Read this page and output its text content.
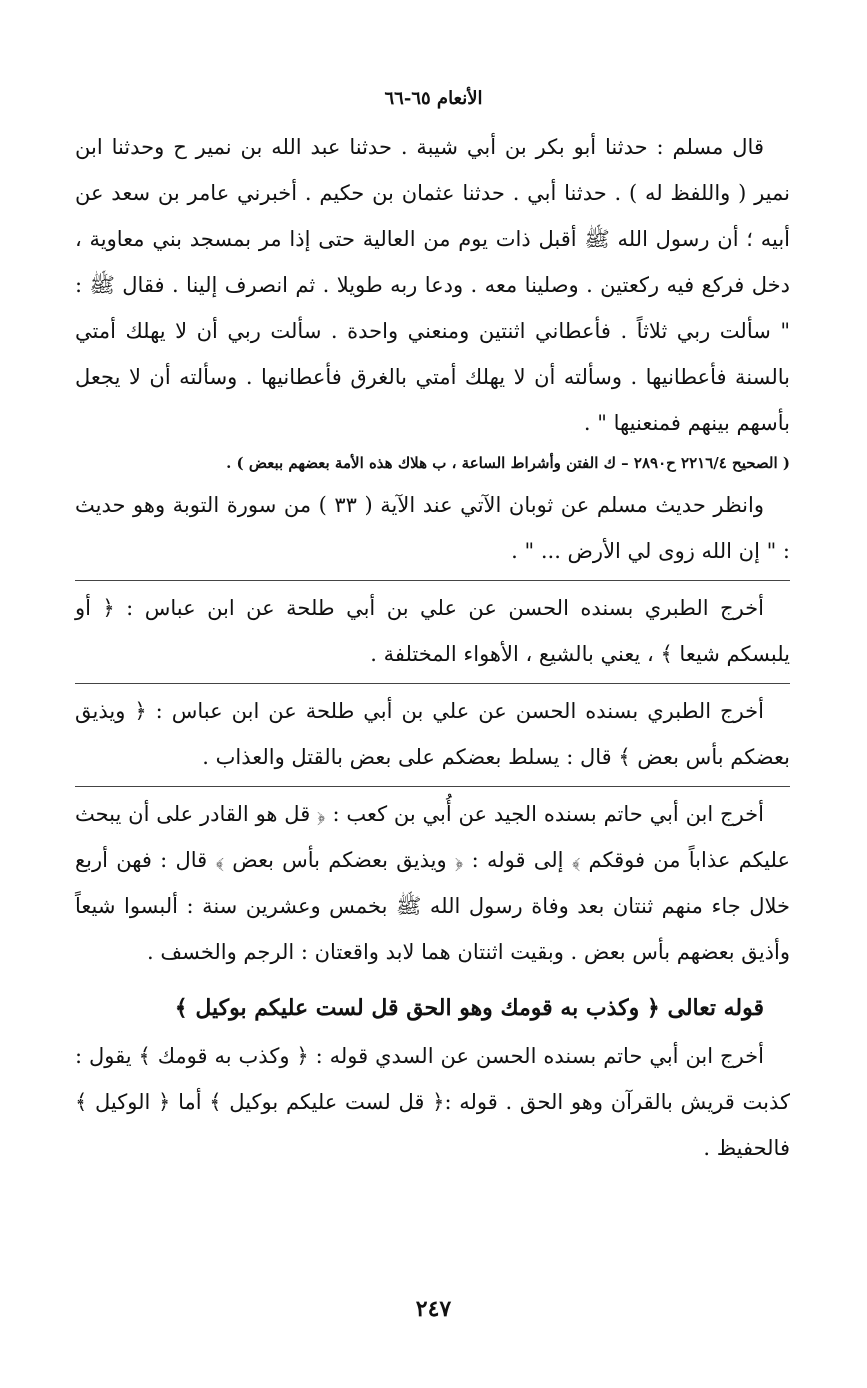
الأنعام ٦٥-٦٦

قال مسلم : حدثنا أبو بكر بن أبي شيبة . حدثنا عبد الله بن نمير ح وحدثنا ابن نمير ( واللفظ له ) . حدثنا أبي . حدثنا عثمان بن حكيم . أخبرني عامر بن سعد عن أبيه ؛ أن رسول الله ﷺ أقبل ذات يوم من العالية حتى إذا مر بمسجد بني معاوية ، دخل فركع فيه ركعتين . وصلينا معه . ودعا ربه طويلا . ثم انصرف إلينا . فقال ﷺ : " سألت ربي ثلاثاً . فأعطاني اثنتين ومنعني واحدة . سألت ربي أن لا يهلك أمتي بالسنة فأعطانيها . وسألته أن لا يهلك أمتي بالغرق فأعطانيها . وسألته أن لا يجعل بأسهم بينهم فمنعنيها " .

( الصحيح ٢٢١٦/٤ ح٢٨٩٠ – ك الفتن وأشراط الساعة ، ب هلاك هذه الأمة بعضهم ببعض ) .

وانظر حديث مسلم عن ثوبان الآتي عند الآية ( ٣٣ ) من سورة التوبة وهو حديث : " إن الله زوى لي الأرض ... " .

أخرج الطبري بسنده الحسن عن علي بن أبي طلحة عن ابن عباس : ﴿ أو يلبسكم شيعا ﴾ ، يعني بالشيع ، الأهواء المختلفة .

أخرج الطبري بسنده الحسن عن علي بن أبي طلحة عن ابن عباس : ﴿ ويذيق بعضكم بأس بعض ﴾ قال : يسلط بعضكم على بعض بالقتل والعذاب .

أخرج ابن أبي حاتم بسنده الجيد عن أُبي بن كعب : ﴿ قل هو القادر على أن يبحث عليكم عذاباً من فوقكم ﴾ إلى قوله : ﴿ ويذيق بعضكم بأس بعض ﴾ قال : فهن أربع خلال جاء منهم ثنتان بعد وفاة رسول الله ﷺ بخمس وعشرين سنة : ألبسوا شيعاً وأذيق بعضهم بأس بعض . وبقيت اثنتان هما لابد واقعتان : الرجم والخسف .

قوله تعالى ﴿ وكذب به قومك وهو الحق قل لست عليكم بوكيل ﴾

أخرج ابن أبي حاتم بسنده الحسن عن السدي قوله : ﴿ وكذب به قومك ﴾ يقول : كذبت قريش بالقرآن وهو الحق . قوله :﴿ قل لست عليكم بوكيل ﴾ أما ﴿ الوكيل ﴾ فالحفيظ .

٢٤٧
